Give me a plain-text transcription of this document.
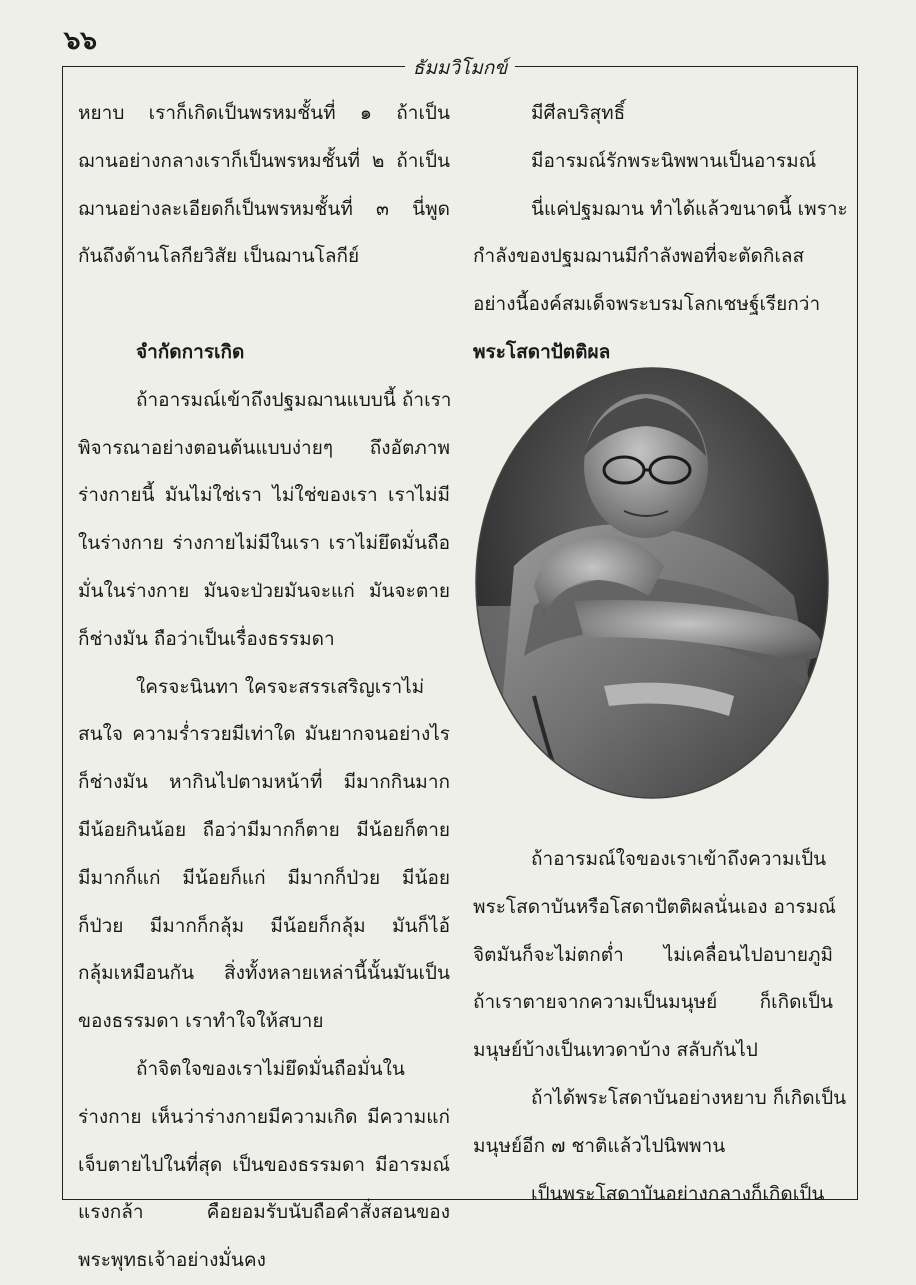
๖๖
ธัมมวิโมกข์

หยาบ เราก็เกิดเป็นพรหมชั้นที่ ๑ ถ้าเป็น

ฌานอย่างกลางเราก็เป็นพรหมชั้นที่ ๒ ถ้าเป็น

ฌานอย่างละเอียดก็เป็นพรหมชั้นที่ ๓ นี่พูด

กันถึงด้านโลกียวิสัย เป็นฌานโลกีย์

จำกัดการเกิด

ถ้าอารมณ์เข้าถึงปฐมฌานแบบนี้ ถ้าเรา

พิจารณาอย่างตอนต้นแบบง่ายๆ ถึงอัตภาพ

ร่างกายนี้ มันไม่ใช่เรา ไม่ใช่ของเรา เราไม่มี

ในร่างกาย ร่างกายไม่มีในเรา เราไม่ยึดมั่นถือ

มั่นในร่างกาย มันจะป่วยมันจะแก่ มันจะตาย

ก็ช่างมัน ถือว่าเป็นเรื่องธรรมดา

ใครจะนินทา ใครจะสรรเสริญเราไม่

สนใจ ความร่ำรวยมีเท่าใด มันยากจนอย่างไร

ก็ช่างมัน หากินไปตามหน้าที่ มีมากกินมาก

มีน้อยกินน้อย ถือว่ามีมากก็ตาย มีน้อยก็ตาย

มีมากก็แก่ มีน้อยก็แก่ มีมากก็ป่วย มีน้อย

ก็ป่วย มีมากก็กลุ้ม มีน้อยก็กลุ้ม มันก็ไอ้

กลุ้มเหมือนกัน สิ่งทั้งหลายเหล่านี้นั้นมันเป็น

ของธรรมดา เราทำใจให้สบาย

ถ้าจิตใจของเราไม่ยึดมั่นถือมั่นใน

ร่างกาย เห็นว่าร่างกายมีความเกิด มีความแก่

เจ็บตายไปในที่สุด เป็นของธรรมดา มีอารมณ์

แรงกล้า คือยอมรับนับถือคำสั่งสอนของ

พระพุทธเจ้าอย่างมั่นคง

มีศีลบริสุทธิ์

มีอารมณ์รักพระนิพพานเป็นอารมณ์

นี่แค่ปฐมฌาน ทำได้แล้วขนาดนี้ เพราะ

กำลังของปฐมฌานมีกำลังพอที่จะตัดกิเลส

อย่างนี้องค์สมเด็จพระบรมโลกเชษฐ์เรียกว่า

พระโสดาปัตติผล

ถ้าอารมณ์ใจของเราเข้าถึงความเป็น

พระโสดาบันหรือโสดาปัตติผลนั่นเอง อารมณ์

จิตมันก็จะไม่ตกต่ำ ไม่เคลื่อนไปอบายภูมิ

ถ้าเราตายจากความเป็นมนุษย์ ก็เกิดเป็น

มนุษย์บ้างเป็นเทวดาบ้าง สลับกันไป

ถ้าได้พระโสดาบันอย่างหยาบ ก็เกิดเป็น

มนุษย์อีก ๗ ชาติแล้วไปนิพพาน

เป็นพระโสดาบันอย่างกลางก็เกิดเป็น
